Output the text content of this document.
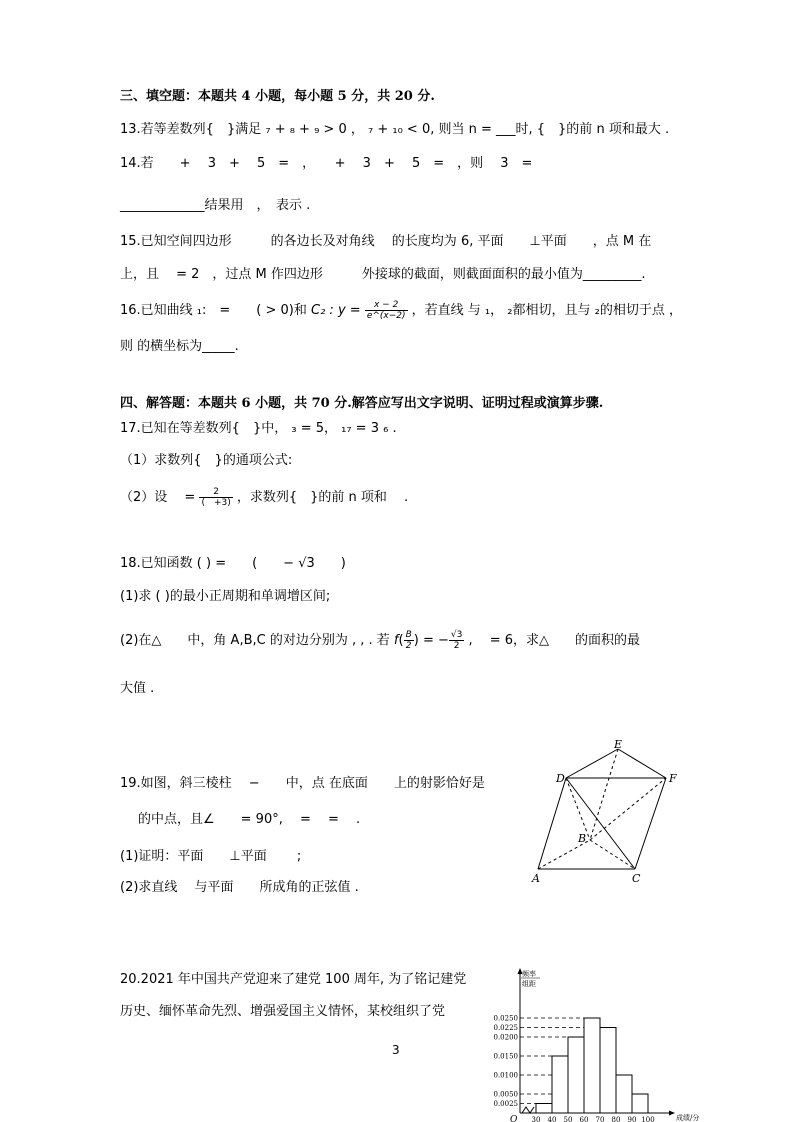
三、填空题：本题共 4 小题，每小题 5 分，共 20 分.
13.若等差数列{　}满足 ₇ + ₈ + ₉ > 0 ， ₇ + ₁₀ < 0, 则当 n = ___时, {　}的前 n 项和最大 .
14.若　　+　 3　+　 5　=　，　　+　 3　+　 5　=　，则　 3　=
_____________结果用　，　表示 .
15.已知空间四边形　　　的各边长及对角线　 的长度均为 6, 平面　　⊥平面　　，点 M 在
上，且　 = 2　，过点 M 作四边形　　　外接球的截面，则截面面积的最小值为_________.
16.已知曲线 ₁:　=　　( > 0)和 C₂ : $y = \frac{x - 2}{e\^{}(x-2)}$ ，若直线 与 ₁， ₂都相切，且与 ₂的相切于点 ，
则 的横坐标为_____.
四、解答题：本题共 6 小题，共 70 分.解答应写出文字说明、证明过程或演算步骤.
17.已知在等差数列{　}中， ₃ = 5， ₁₇ = 3 ₆ .
（1）求数列{　}的通项公式:
（2）设　 = $\frac{2}{( +3)}$ ，求数列{　}的前 n 项和　 .
18.已知函数 ( ) =　　(　　− √3　　)
(1)求 ( )的最小正周期和单调增区间;
(2)在△　　中，角 A,B,C 的对边分别为 , , . 若 $f( \frac{B}{2}$ ) = − $\frac{√3}{2}$ ,　 = 6，求△　　的面积的最
大值 .
19.如图，斜三棱柱　 −　　中，点 在底面　　上的射影恰好是
的中点，且∠　　= 90°,　 =　 =　 .
(1)证明：平面　　⊥平面　　 ;
(2)求直线　 与平面　　所成角的正弦值 .
D
E
F
B
A	C
20.2021 年中国共产党迎来了建党 100 周年, 为了铭记建党
历史、缅怀革命先烈、增强爱国主义情怀，某校组织了党
0.0025
0.0050
0.0100
0.0150
0.0200
0.0225
0.0250
30 40 50 60 70 80 90 100
频率
组距
成绩/分
O
3
